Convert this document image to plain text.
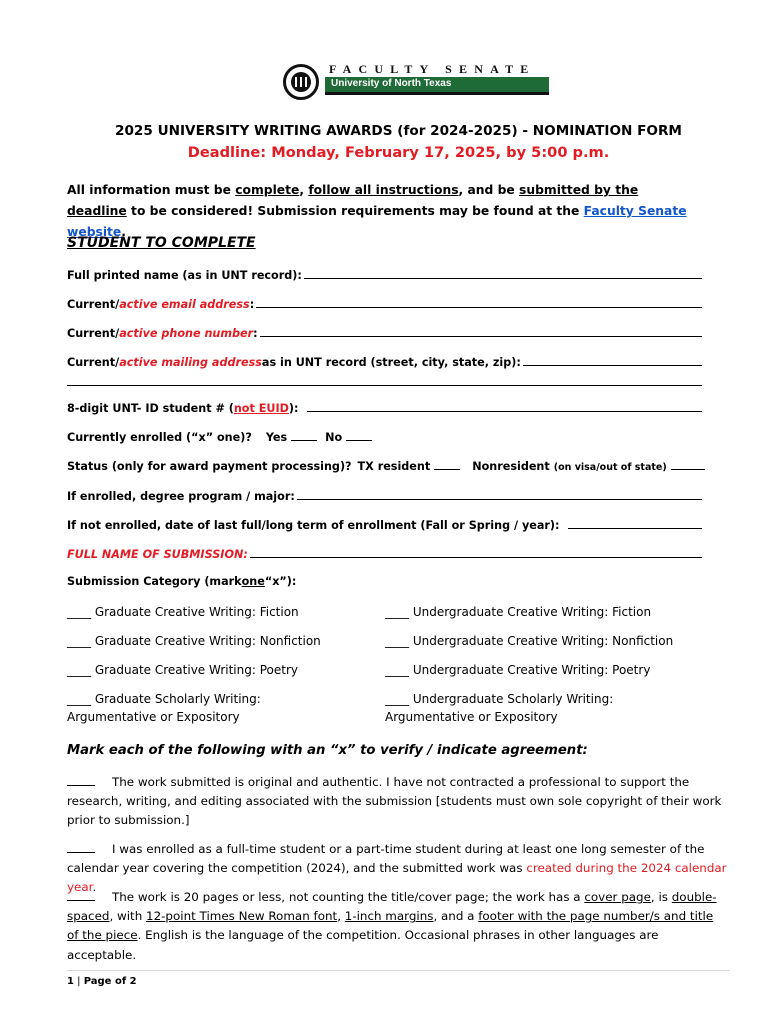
FACULTY SENATE
University of North Texas
2025 UNIVERSITY WRITING AWARDS (for 2024-2025) - NOMINATION FORM
Deadline: Monday, February 17, 2025, by 5:00 p.m.
All information must be complete, follow all instructions, and be submitted by the deadline to be considered! Submission requirements may be found at the Faculty Senate website.
STUDENT TO COMPLETE
Full printed name (as in UNT record):
Current/ active email address :
Current/ active phone number :
Current/ active mailing address as in UNT record (street, city, state, zip):
8-digit UNT- ID student # ( not EUID ):
Currently enrolled (“x” one)? Yes	No
Status (only for award payment processing)? TX resident	Nonresident (on visa/out of state)
If enrolled, degree program / major:
If not enrolled, date of last full/long term of enrollment (Fall or Spring / year):
FULL NAME OF SUBMISSION:
Submission Category (mark one “x”):
____ Graduate Creative Writing: Fiction	____ Undergraduate Creative Writing: Fiction
____ Graduate Creative Writing: Nonfiction	____ Undergraduate Creative Writing: Nonfiction
____ Graduate Creative Writing: Poetry	____ Undergraduate Creative Writing: Poetry
____ Graduate Scholarly Writing:
Argumentative or Expository
____ Undergraduate Scholarly Writing:
Argumentative or Expository
Mark each of the following with an “x” to verify / indicate agreement:
The work submitted is original and authentic. I have not contracted a professional to support the research, writing, and editing associated with the submission [students must own sole copyright of their work prior to submission.]
I was enrolled as a full-time student or a part-time student during at least one long semester of the calendar year covering the competition (2024), and the submitted work was created during the 2024 calendar year.
The work is 20 pages or less, not counting the title/cover page; the work has a cover page, is double-spaced, with 12-point Times New Roman font, 1-inch margins, and a footer with the page number/s and title of the piece. English is the language of the competition. Occasional phrases in other languages are acceptable.
1 | Page of 2
